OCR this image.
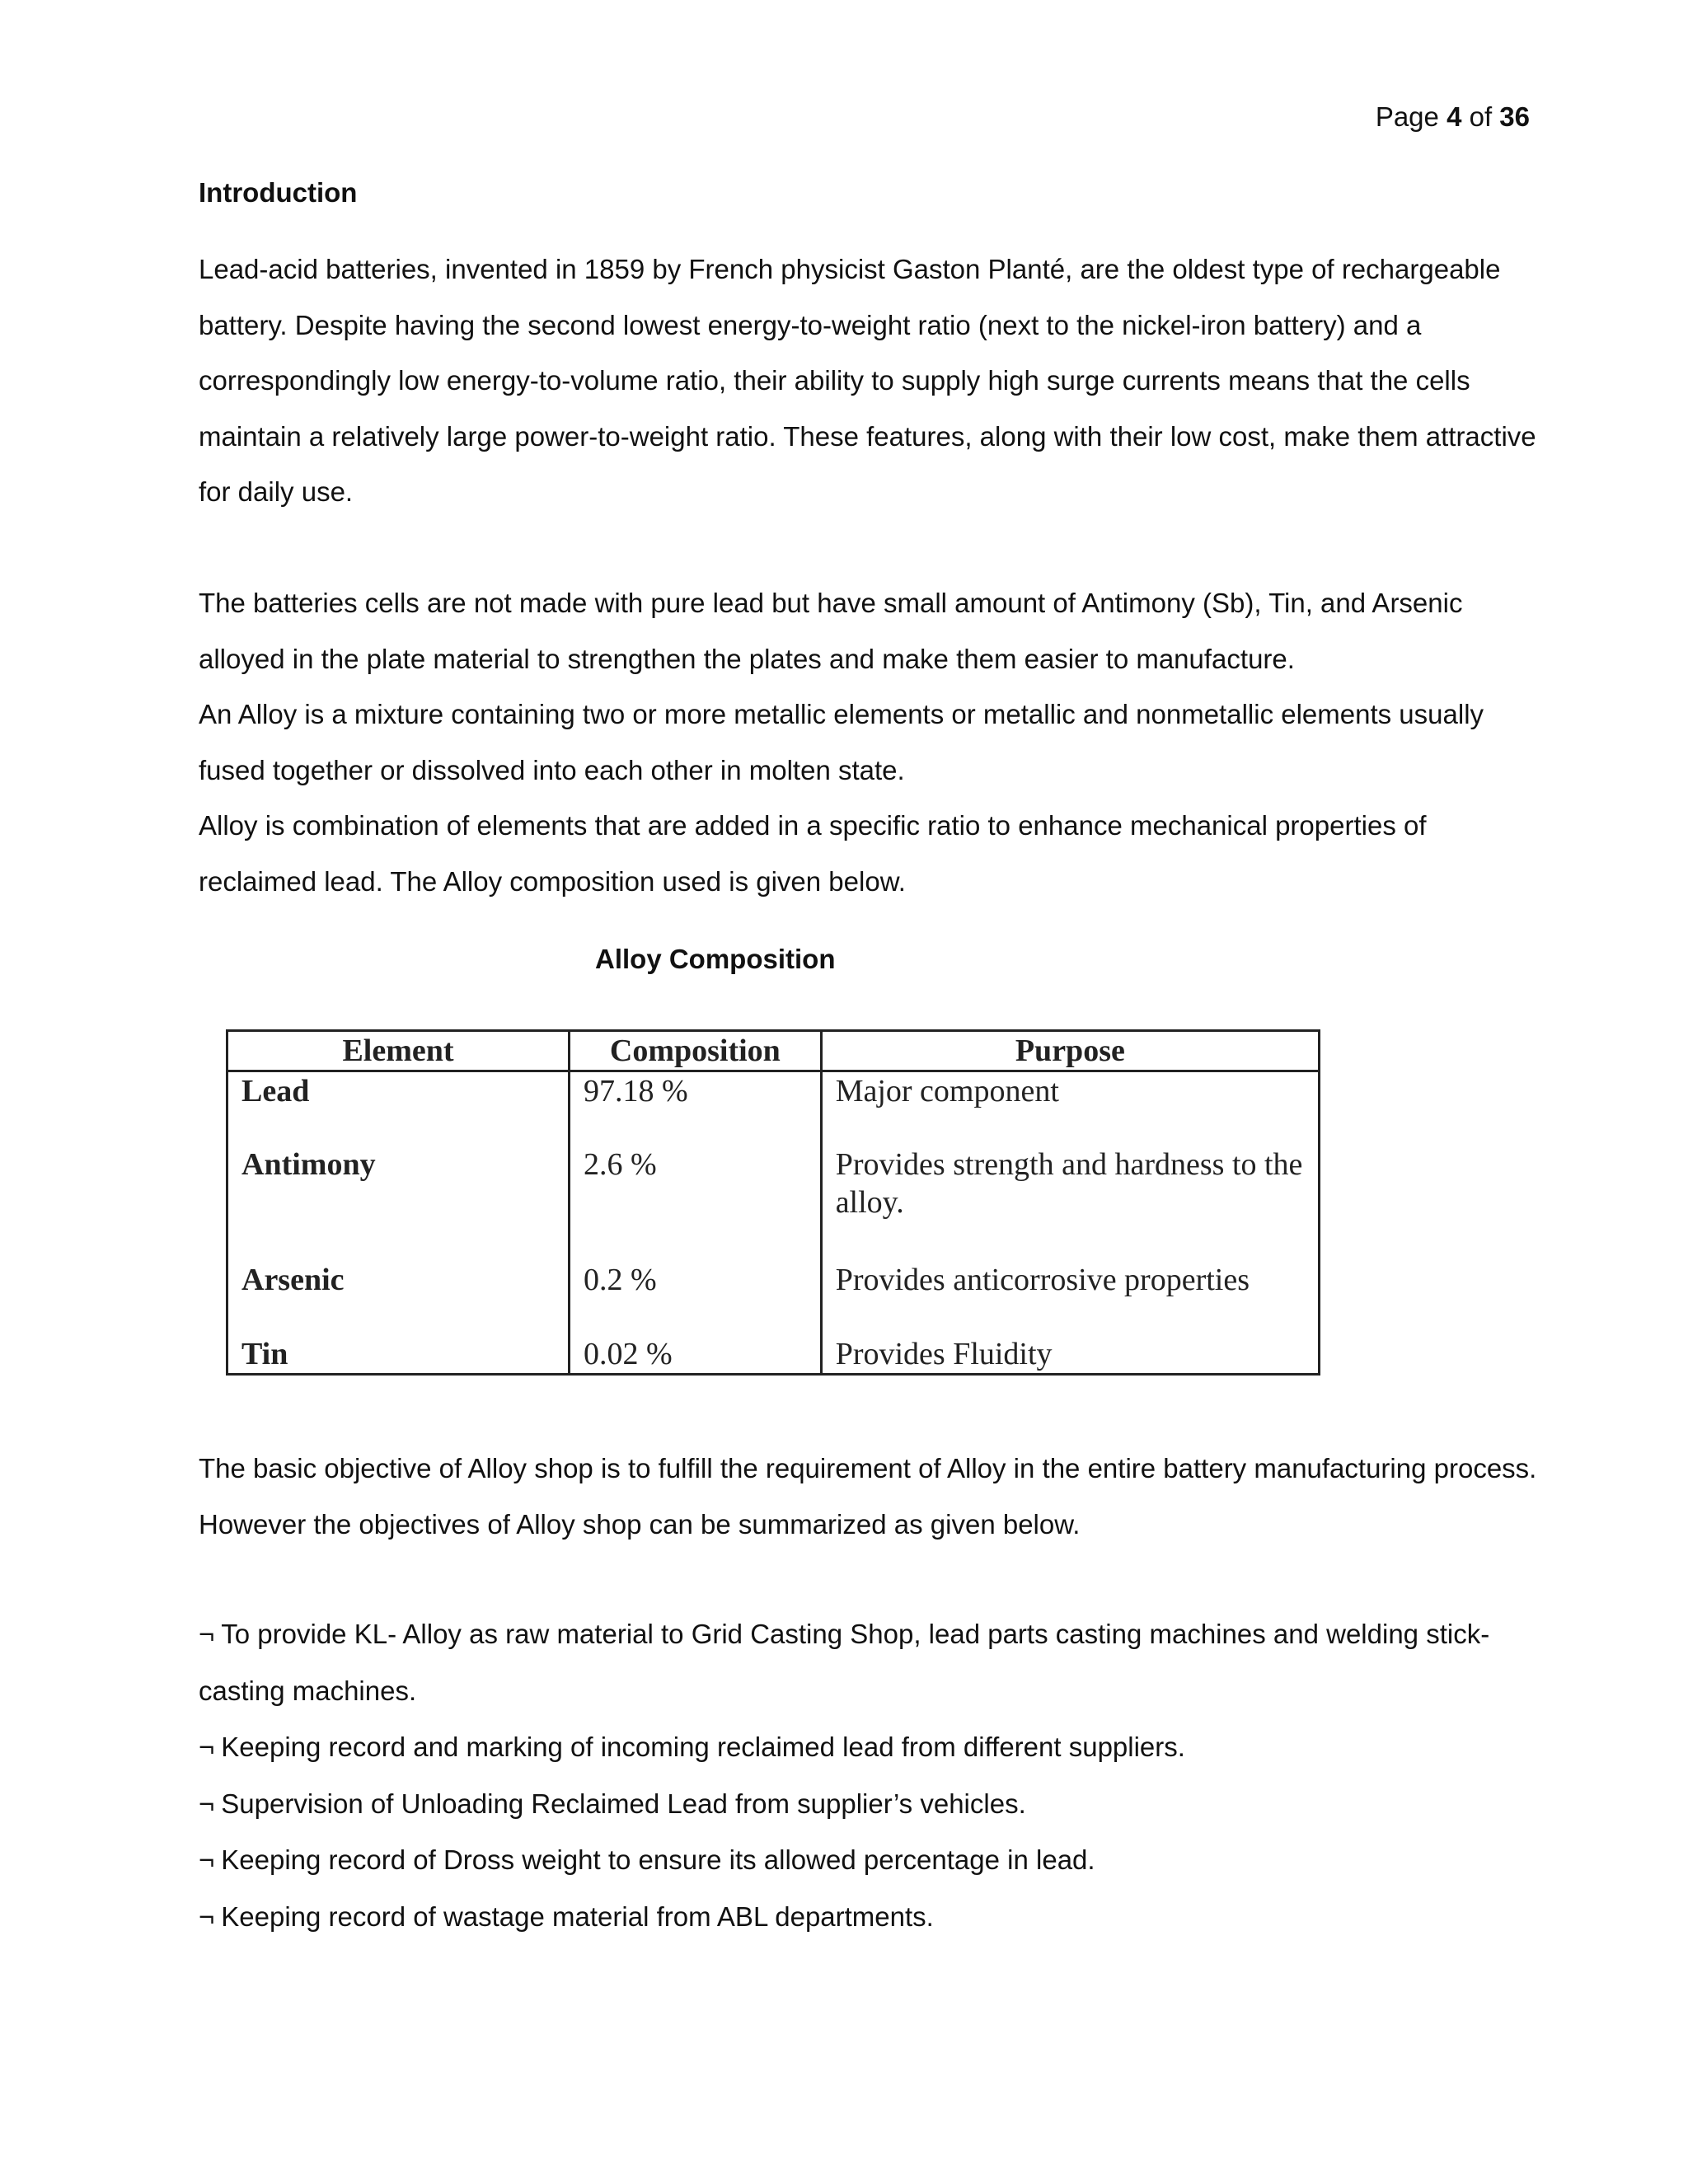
Page 4 of 36
Introduction

Lead-acid batteries, invented in 1859 by French physicist Gaston Planté, are the oldest type of rechargeable battery. Despite having the second lowest energy-to-weight ratio (next to the nickel-iron battery) and a correspondingly low energy-to-volume ratio, their ability to supply high surge currents means that the cells maintain a relatively large power-to-weight ratio. These features, along with their low cost, make them attractive for daily use.

The batteries cells are not made with pure lead but have small amount of Antimony (Sb), Tin, and Arsenic alloyed in the plate material to strengthen the plates and make them easier to manufacture.

An Alloy is a mixture containing two or more metallic elements or metallic and nonmetallic elements usually fused together or dissolved into each other in molten state.

Alloy is combination of elements that are added in a specific ratio to enhance mechanical properties of reclaimed lead. The Alloy composition used is given below.

Alloy Composition
Element	Composition	Purpose
Lead	97.18 %	Major component
Antimony	2.6 %	Provides strength and hardness to the alloy.
Arsenic	0.2 %	Provides anticorrosive properties
Tin	0.02 %	Provides Fluidity

The basic objective of Alloy shop is to fulfill the requirement of Alloy in the entire battery manufacturing process. However the objectives of Alloy shop can be summarized as given below.

¬ To provide KL- Alloy as raw material to Grid Casting Shop, lead parts casting machines and welding stick-casting machines.

¬ Keeping record and marking of incoming reclaimed lead from different suppliers.

¬ Supervision of Unloading Reclaimed Lead from supplier’s vehicles.

¬ Keeping record of Dross weight to ensure its allowed percentage in lead.

¬ Keeping record of wastage material from ABL departments.
